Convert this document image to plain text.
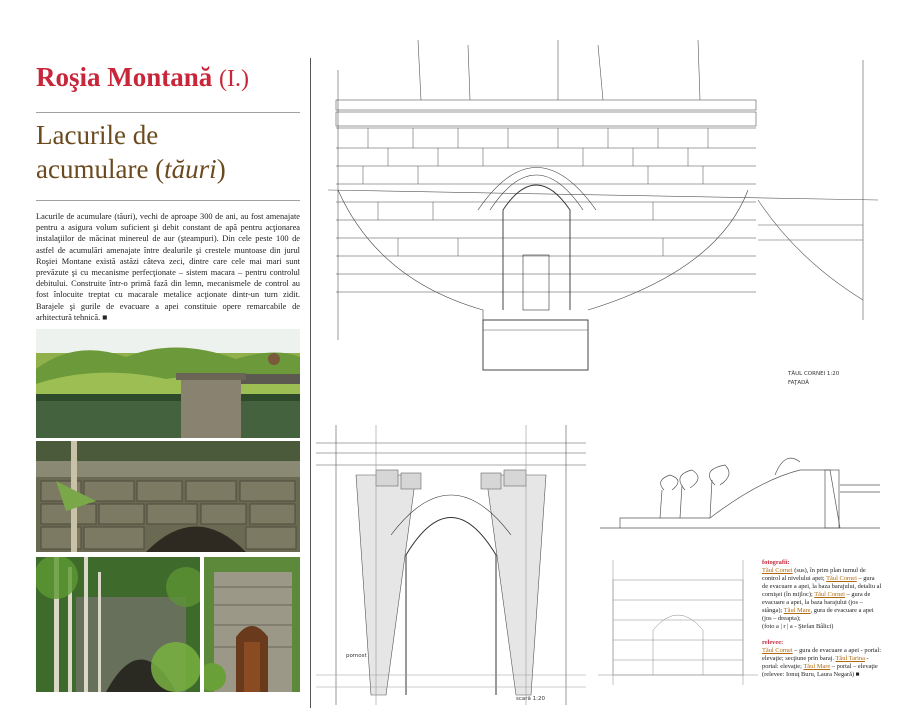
Roşia Montană (I.)
Lacurile de
acumulare (tăuri)
Lacurile de acumulare (tăuri), vechi de aproape 300 de ani, au fost amenajate pentru a asigura volum suficient şi debit constant de apă pentru acţionarea instalaţiilor de măcinat minereul de aur (şteampuri). Din cele peste 100 de astfel de acumulări amenajate între dealurile şi crestele muntoase din jurul Roşiei Montane există astăzi câteva zeci, dintre care cele mai mari sunt prevăzute şi cu mecanisme perfecţionate – sistem macara – pentru controlul debitului. Construite într-o primă fază din lemn, mecanismele de control au fost înlocuite treptat cu macarale metalice acţionate dintr-un turn zidit. Barajele şi gurile de evacuare a apei constituie opere remarcabile de arhitectură tehnică. ■
TĂUL CORNEI 1:20
FAŢADĂ
pomost
scară 1:20
fotografii:
Tăul Cornei (sus), în prim plan turnul de control al nivelului apei; Tăul Cornei – gura de evacuare a apei, la baza barajului, detaliu al cornişei (în mijloc); Tăul Cornei – gura de evacuare a apei, la baza barajului (jos – stânga); Tăul Mare, gura de evacuare a apei (jos – dreapta);
(foto a | r | a - Ştefan Bâlici)

relevee:
Tăul Cornei – gura de evacuare a apei - portal: elevaţie; secţiune prin baraj. Tăul Tarina - portal: elevaţie; Tăul Mare – portal – elevaţie
(relevee: Ionuţ Buru, Laura Negară) ■
